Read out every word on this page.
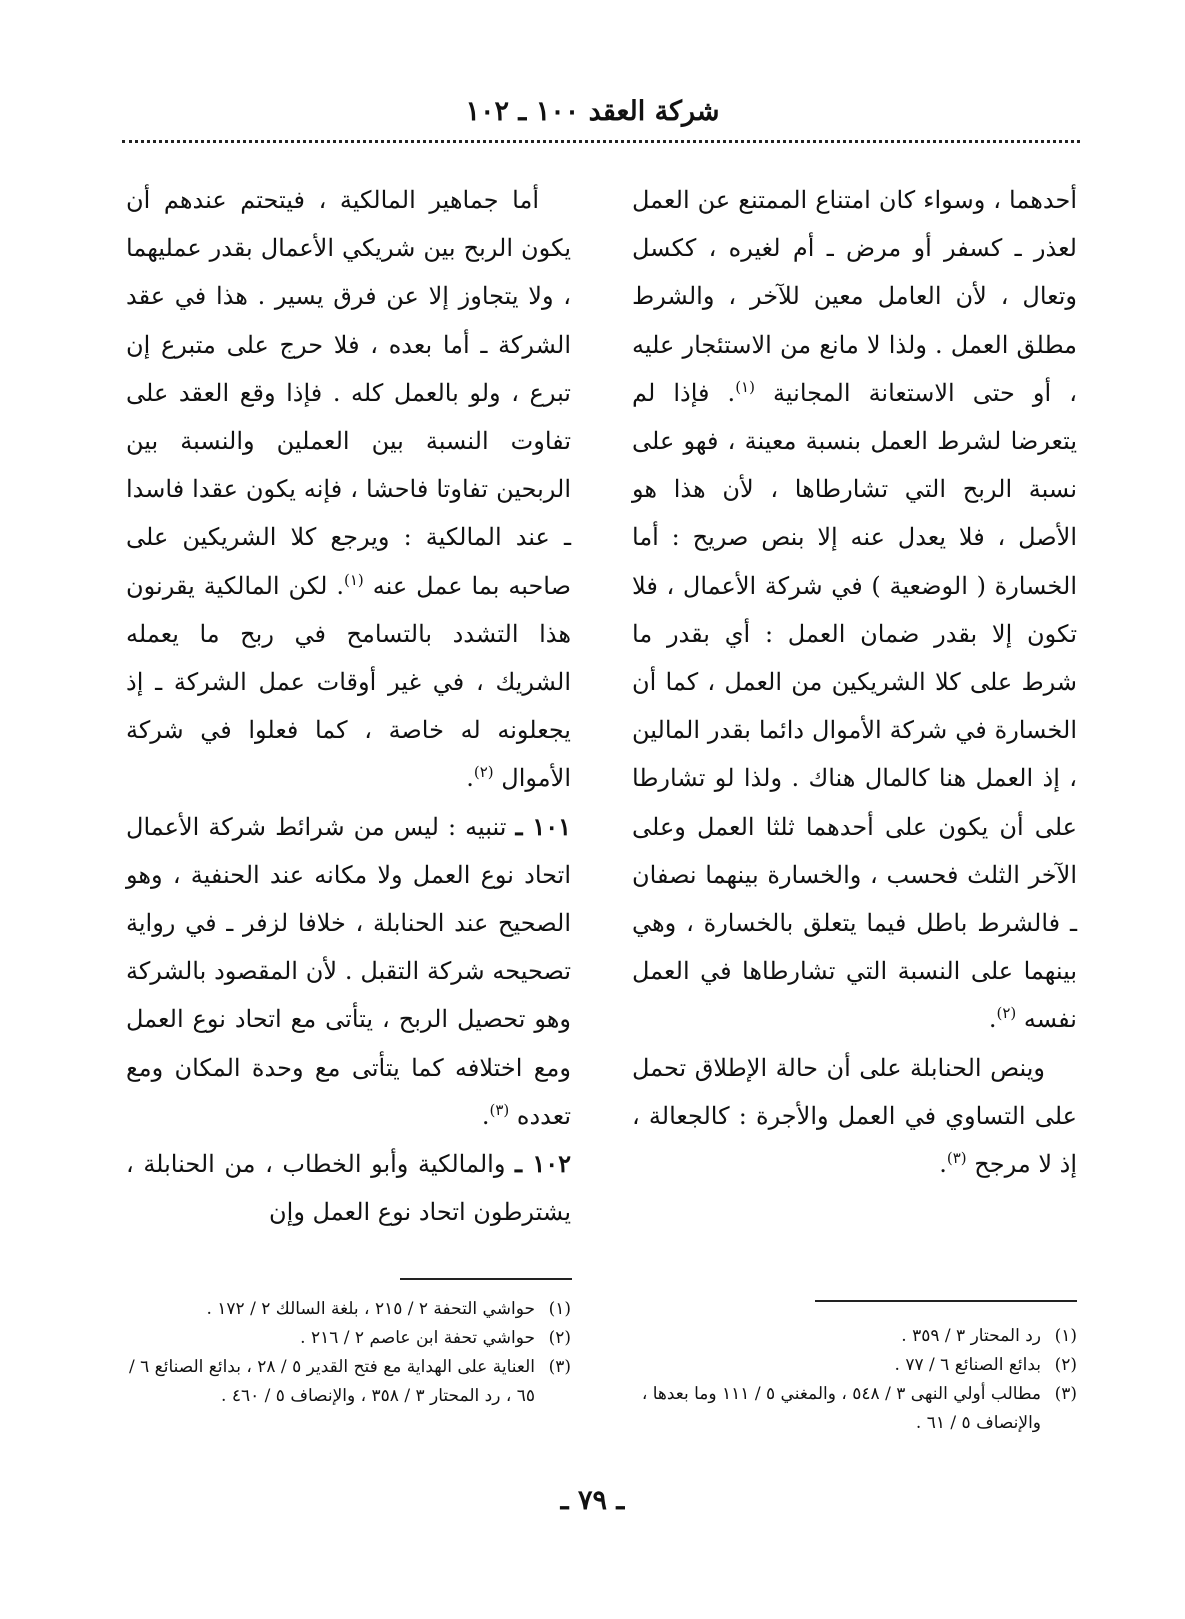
شركة العقد ١٠٠ ـ ١٠٢

أحدهما ، وسواء كان امتناع الممتنع عن العمل لعذر ـ كسفر أو مرض ـ أم لغيره ، ككسل وتعال ، لأن العامل معين للآخر ، والشرط مطلق العمل . ولذا لا مانع من الاستئجار عليه ، أو حتى الاستعانة المجانية $^{(١)}$. فإذا لم يتعرضا لشرط العمل بنسبة معينة ، فهو على نسبة الربح التي تشارطاها ، لأن هذا هو الأصل ، فلا يعدل عنه إلا بنص صريح : أما الخسارة ( الوضعية ) في شركة الأعمال ، فلا تكون إلا بقدر ضمان العمل : أي بقدر ما شرط على كلا الشريكين من العمل ، كما أن الخسارة في شركة الأموال دائما بقدر المالين ، إذ العمل هنا كالمال هناك . ولذا لو تشارطا على أن يكون على أحدهما ثلثا العمل وعلى الآخر الثلث فحسب ، والخسارة بينهما نصفان ـ فالشرط باطل فيما يتعلق بالخسارة ، وهي بينهما على النسبة التي تشارطاها في العمل نفسه $^{(٢)}$.

وينص الحنابلة على أن حالة الإطلاق تحمل على التساوي في العمل والأجرة : كالجعالة ، إذ لا مرجح $^{(٣)}$.

أما جماهير المالكية ، فيتحتم عندهم أن يكون الربح بين شريكي الأعمال بقدر عمليهما ، ولا يتجاوز إلا عن فرق يسير . هذا في عقد الشركة ـ أما بعده ، فلا حرج على متبرع إن تبرع ، ولو بالعمل كله . فإذا وقع العقد على تفاوت النسبة بين العملين والنسبة بين الربحين تفاوتا فاحشا ، فإنه يكون عقدا فاسدا ـ عند المالكية : ويرجع كلا الشريكين على صاحبه بما عمل عنه $^{(١)}$. لكن المالكية يقرنون هذا التشدد بالتسامح في ربح ما يعمله الشريك ، في غير أوقات عمل الشركة ـ إذ يجعلونه له خاصة ، كما فعلوا في شركة الأموال $^{(٢)}$.

١٠١ ـ تنبيه : ليس من شرائط شركة الأعمال اتحاد نوع العمل ولا مكانه عند الحنفية ، وهو الصحيح عند الحنابلة ، خلافا لزفر ـ في رواية تصحيحه شركة التقبل . لأن المقصود بالشركة وهو تحصيل الربح ، يتأتى مع اتحاد نوع العمل ومع اختلافه كما يتأتى مع وحدة المكان ومع تعدده $^{(٣)}$.

١٠٢ ـ والمالكية وأبو الخطاب ، من الحنابلة ، يشترطون اتحاد نوع العمل وإن

(١)رد المحتار ٣ / ٣٥٩ .

(٢)بدائع الصنائع ٦ / ٧٧ .

(٣)مطالب أولي النهى ٣ / ٥٤٨ ، والمغني ٥ / ١١١ وما بعدها ، والإنصاف ٥ / ٦١ .

(١)حواشي التحفة ٢ / ٢١٥ ، بلغة السالك ٢ / ١٧٢ .

(٢)حواشي تحفة ابن عاصم ٢ / ٢١٦ .

(٣)العناية على الهداية مع فتح القدير ٥ / ٢٨ ، بدائع الصنائع ٦ / ٦٥ ، رد المحتار ٣ / ٣٥٨ ، والإنصاف ٥ / ٤٦٠ .

ـ ٧٩ ـ
